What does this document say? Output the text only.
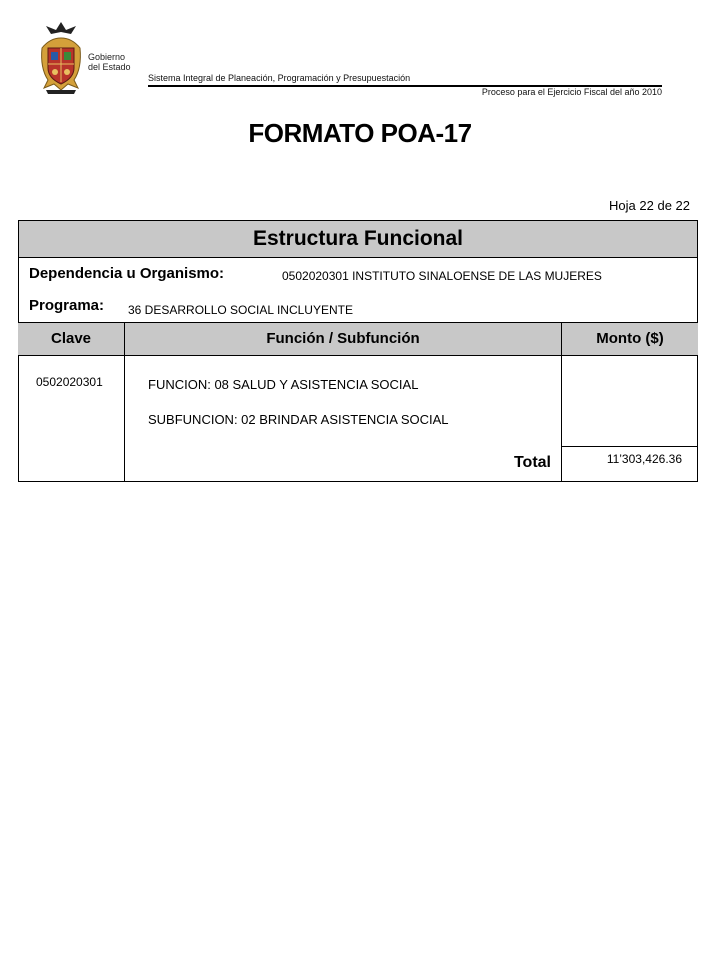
Gobierno
del Estado
Sistema Integral de Planeación, Programación y Presupuestación
Proceso para el Ejercicio Fiscal del año 2010
FORMATO POA-17
Hoja 22 de 22
Estructura Funcional
Dependencia u Organismo:	0502020301 INSTITUTO SINALOENSE DE LAS MUJERES
Programa: 36 DESARROLLO SOCIAL INCLUYENTE
Clave	Función / Subfunción	Monto ($)
0502020301	FUNCION: 08 SALUD Y ASISTENCIA SOCIAL
SUBFUNCION: 02 BRINDAR ASISTENCIA SOCIAL
Total	11’303,426.36
